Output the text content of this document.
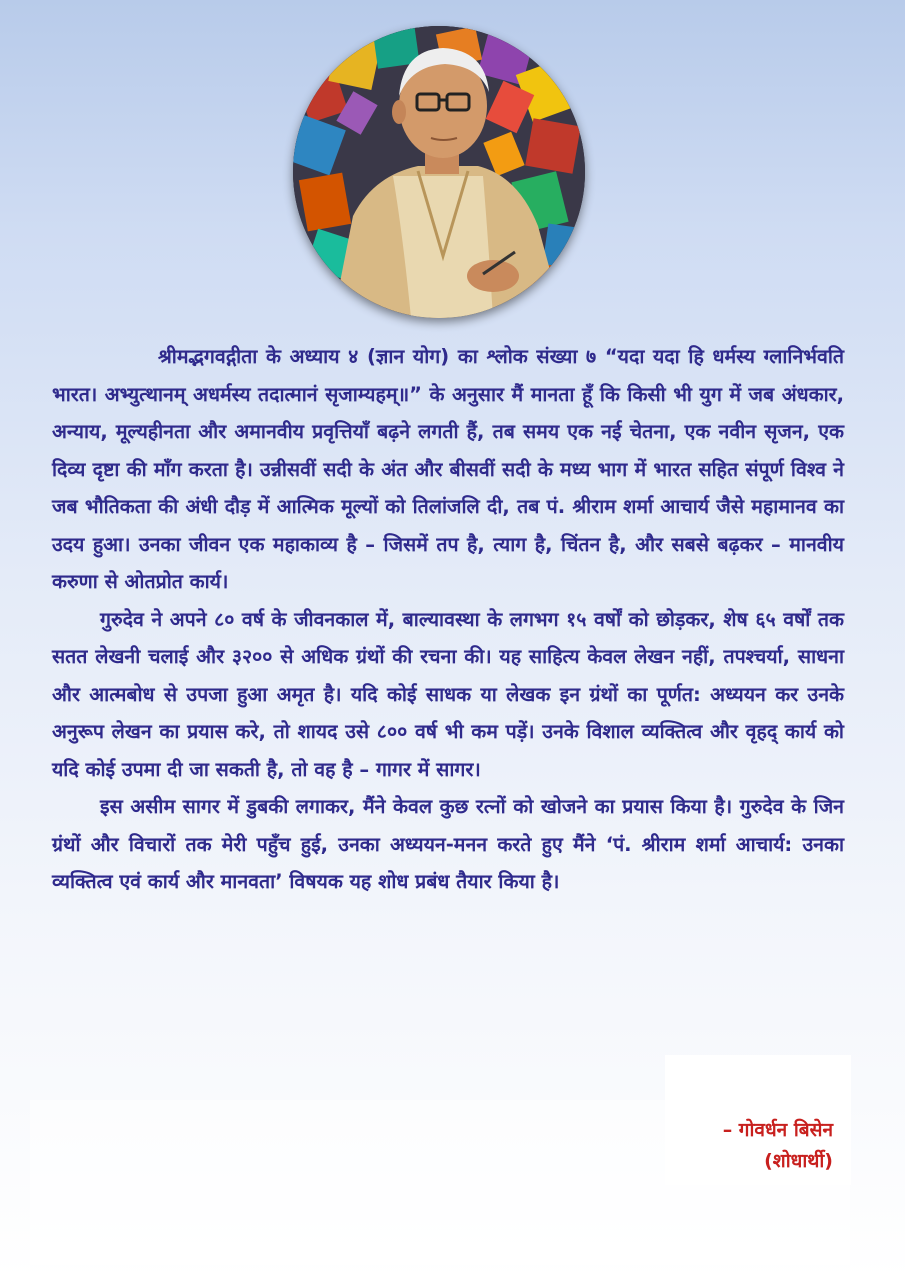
श्रीमद्भगवद्गीता के अध्याय ४ (ज्ञान योग) का श्लोक संख्या ७ “यदा यदा हि धर्मस्य ग्लानिर्भवति भारत। अभ्युत्थानम् अधर्मस्य तदात्मानं सृजाम्यहम्॥” के अनुसार मैं मानता हूँ कि किसी भी युग में जब अंधकार, अन्याय, मूल्यहीनता और अमानवीय प्रवृत्तियाँ बढ़ने लगती हैं, तब समय एक नई चेतना, एक नवीन सृजन, एक दिव्य दृष्टा की माँग करता है। उन्नीसवीं सदी के अंत और बीसवीं सदी के मध्य भाग में भारत सहित संपूर्ण विश्व ने जब भौतिकता की अंधी दौड़ में आत्मिक मूल्यों को तिलांजलि दी, तब पं. श्रीराम शर्मा आचार्य जैसे महामानव का उदय हुआ। उनका जीवन एक महाकाव्य है – जिसमें तप है, त्याग है, चिंतन है, और सबसे बढ़कर – मानवीय करुणा से ओतप्रोत कार्य।

गुरुदेव ने अपने ८० वर्ष के जीवनकाल में, बाल्यावस्था के लगभग १५ वर्षों को छोड़कर, शेष ६५ वर्षों तक सतत लेखनी चलाई और ३२०० से अधिक ग्रंथों की रचना की। यह साहित्य केवल लेखन नहीं, तपश्चर्या, साधना और आत्मबोध से उपजा हुआ अमृत है। यदि कोई साधक या लेखक इन ग्रंथों का पूर्णत: अध्ययन कर उनके अनुरूप लेखन का प्रयास करे, तो शायद उसे ८०० वर्ष भी कम पड़ें। उनके विशाल व्यक्तित्व और वृहद् कार्य को यदि कोई उपमा दी जा सकती है, तो वह है – गागर में सागर।

इस असीम सागर में डुबकी लगाकर, मैंने केवल कुछ रत्नों को खोजने का प्रयास किया है। गुरुदेव के जिन ग्रंथों और विचारों तक मेरी पहुँच हुई, उनका अध्ययन-मनन करते हुए मैंने ‘पं. श्रीराम शर्मा आचार्य: उनका व्यक्तित्व एवं कार्य और मानवता’ विषयक यह शोध प्रबंध तैयार किया है।

– गोवर्धन बिसेन
(शोधार्थी)
